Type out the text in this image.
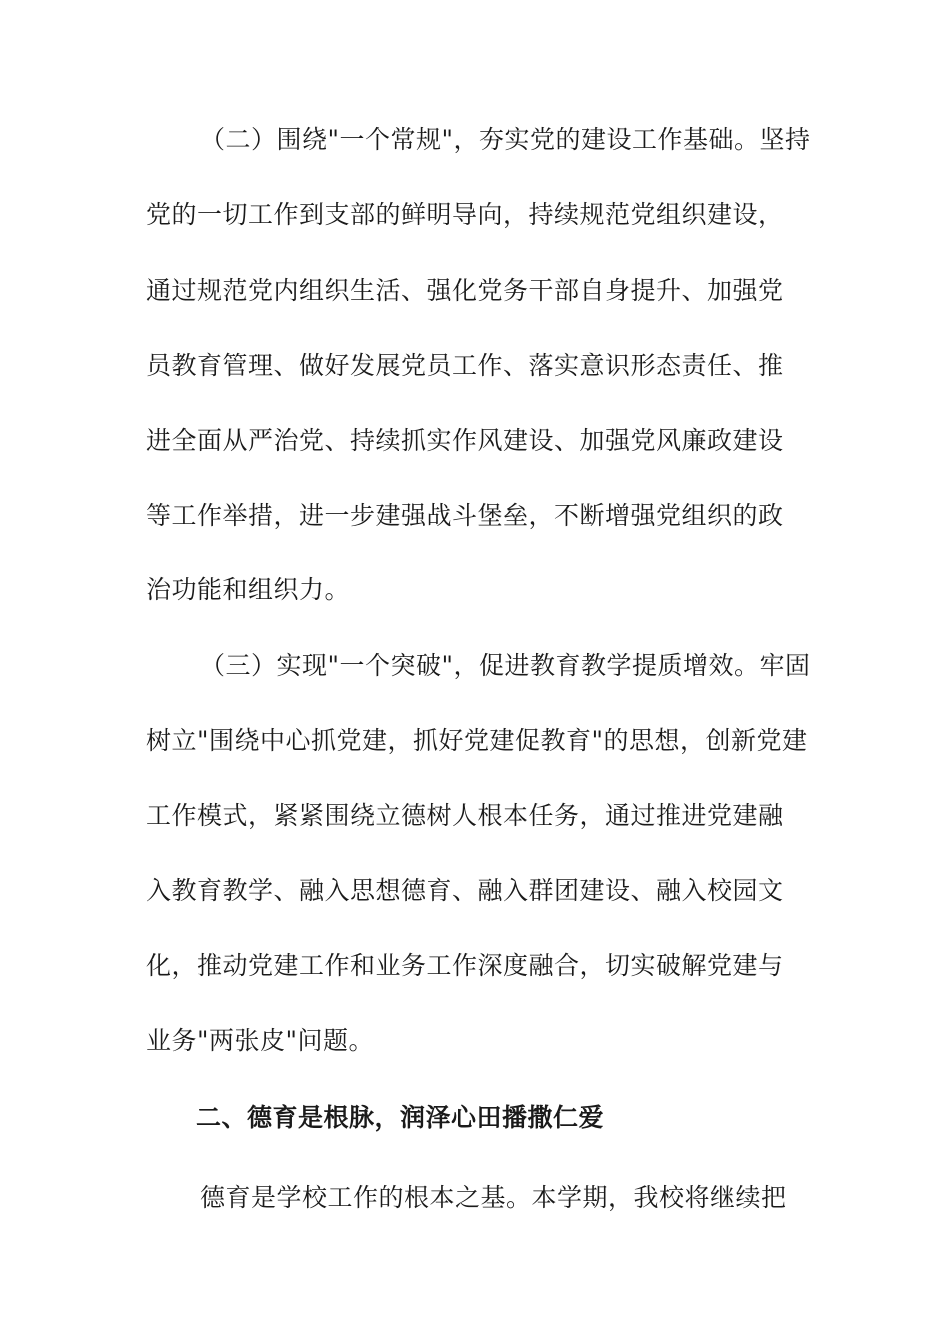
（二）围绕"一个常规"，夯实党的建设工作基础。坚持
党的一切工作到支部的鲜明导向，持续规范党组织建设，
通过规范党内组织生活、强化党务干部自身提升、加强党
员教育管理、做好发展党员工作、落实意识形态责任、推
进全面从严治党、持续抓实作风建设、加强党风廉政建设
等工作举措，进一步建强战斗堡垒，不断增强党组织的政
治功能和组织力。
（三）实现"一个突破"，促进教育教学提质增效。牢固
树立"围绕中心抓党建，抓好党建促教育"的思想，创新党建
工作模式，紧紧围绕立德树人根本任务，通过推进党建融
入教育教学、融入思想德育、融入群团建设、融入校园文
化，推动党建工作和业务工作深度融合，切实破解党建与
业务"两张皮"问题。
二、德育是根脉，润泽心田播撒仁爱
德育是学校工作的根本之基。本学期，我校将继续把
